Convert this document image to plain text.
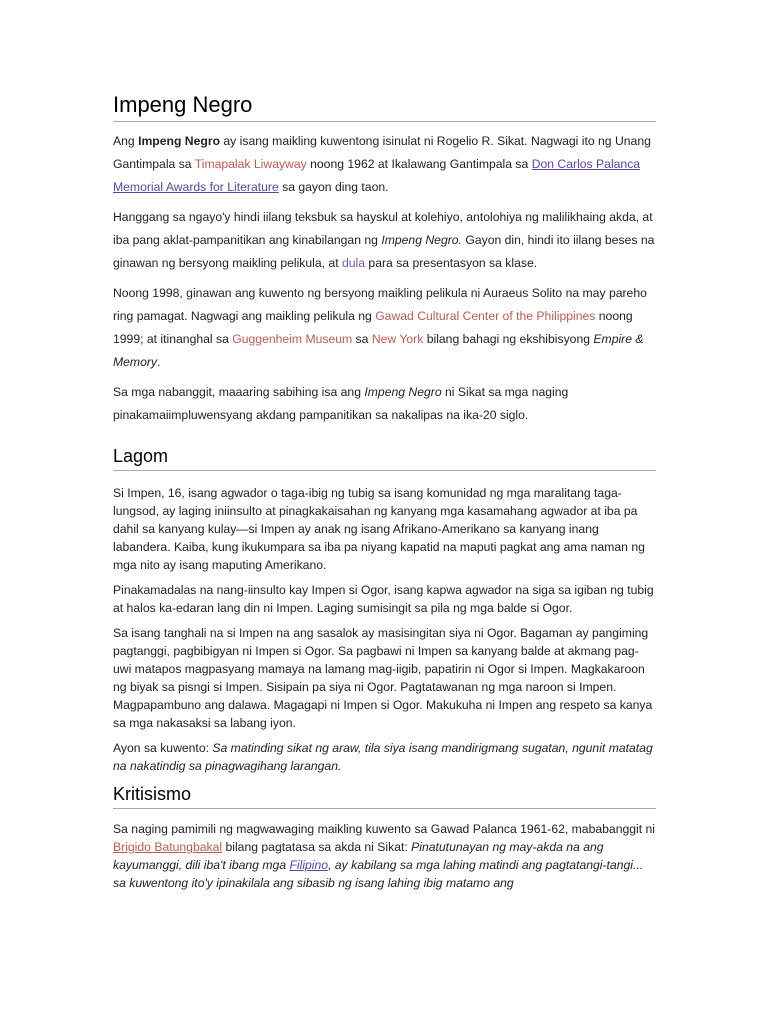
Impeng Negro

Ang Impeng Negro ay isang maikling kuwentong isinulat ni Rogelio R. Sikat. Nagwagi ito ng Unang Gantimpala sa Timapalak Liwayway noong 1962 at Ikalawang Gantimpala sa Don Carlos Palanca Memorial Awards for Literature sa gayon ding taon.

Hanggang sa ngayo'y hindi iilang teksbuk sa hayskul at kolehiyo, antolohiya ng malilikhaing akda, at iba pang aklat-pampanitikan ang kinabilangan ng Impeng Negro. Gayon din, hindi ito iilang beses na ginawan ng bersyong maikling pelikula, at dula para sa presentasyon sa klase.

Noong 1998, ginawan ang kuwento ng bersyong maikling pelikula ni Auraeus Solito na may pareho ring pamagat. Nagwagi ang maikling pelikula ng Gawad Cultural Center of the Philippines noong 1999; at itinanghal sa Guggenheim Museum sa New York bilang bahagi ng ekshibisyong Empire & Memory.

Sa mga nabanggit, maaaring sabihing isa ang Impeng Negro ni Sikat sa mga naging pinakamaiimpluwensyang akdang pampanitikan sa nakalipas na ika-20 siglo.

Lagom

Si Impen, 16, isang agwador o taga-ibig ng tubig sa isang komunidad ng mga maralitang taga-lungsod, ay laging iniinsulto at pinagkakaisahan ng kanyang mga kasamahang agwador at iba pa dahil sa kanyang kulay—si Impen ay anak ng isang Afrikano-Amerikano sa kanyang inang labandera. Kaiba, kung ikukumpara sa iba pa niyang kapatid na maputi pagkat ang ama naman ng mga nito ay isang maputing Amerikano.

Pinakamadalas na nang-iinsulto kay Impen si Ogor, isang kapwa agwador na siga sa igiban ng tubig at halos ka-edaran lang din ni Impen. Laging sumisingit sa pila ng mga balde si Ogor.

Sa isang tanghali na si Impen na ang sasalok ay masisingitan siya ni Ogor. Bagaman ay pangiming pagtanggi, pagbibigyan ni Impen si Ogor. Sa pagbawi ni Impen sa kanyang balde at akmang pag-uwi matapos magpasyang mamaya na lamang mag-iigib, papatirin ni Ogor si Impen. Magkakaroon ng biyak sa pisngi si Impen. Sisipain pa siya ni Ogor. Pagtatawanan ng mga naroon si Impen. Magpapambuno ang dalawa. Magagapi ni Impen si Ogor. Makukuha ni Impen ang respeto sa kanya sa mga nakasaksi sa labang iyon.

Ayon sa kuwento: Sa matinding sikat ng araw, tila siya isang mandirigmang sugatan, ngunit matatag na nakatindig sa pinagwagihang larangan.

Kritisismo

Sa naging pamimili ng magwawaging maikling kuwento sa Gawad Palanca 1961-62, mababanggit ni Brigido Batungbakal bilang pagtatasa sa akda ni Sikat: Pinatutunayan ng may-akda na ang kayumanggi, dili iba't ibang mga Filipino, ay kabilang sa mga lahing matindi ang pagtatangi-tangi... sa kuwentong ito'y ipinakilala ang sibasib ng isang lahing ibig matamo ang
